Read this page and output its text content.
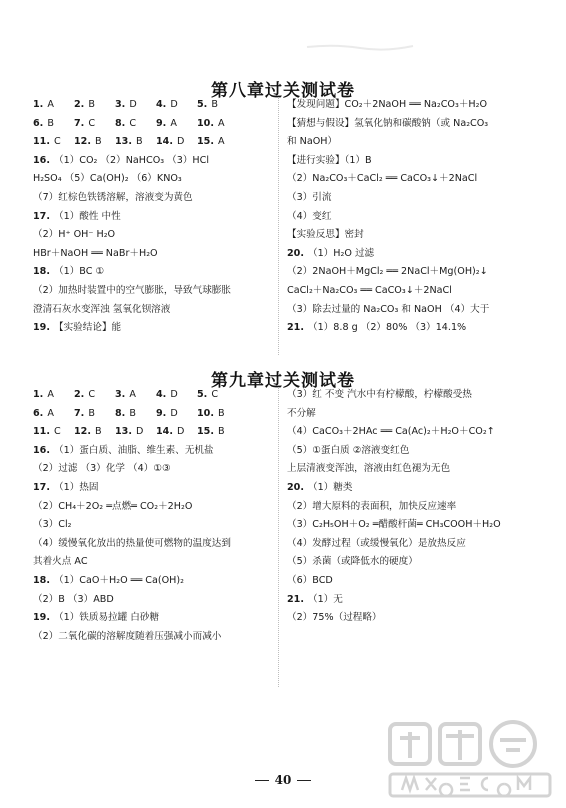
第八章过关测试卷
1. A 2. B 3. D 4. D 5. B
6. B 7. C 8. C 9. A 10. A
11. C 12. B 13. B 14. D 15. A
16. （1）CO₂ （2）NaHCO₃ （3）HCl
H₂SO₄ （5）Ca(OH)₂ （6）KNO₃
（7）红棕色铁锈溶解，溶液变为黄色
17. （1）酸性 中性
（2）H⁺ OH⁻ H₂O
HBr＋NaOH ══ NaBr＋H₂O
18. （1）BC ①
（2）加热时装置中的空气膨胀，导致气球膨胀
澄清石灰水变浑浊 氢氧化钡溶液
19. 【实验结论】能
【发现问题】CO₂＋2NaOH ══ Na₂CO₃＋H₂O
【猜想与假设】氢氧化钠和碳酸钠（或 Na₂CO₃
和 NaOH）
【进行实验】（1）B
（2）Na₂CO₃＋CaCl₂ ══ CaCO₃↓＋2NaCl
（3）引流
（4）变红
【实验反思】密封
20. （1）H₂O 过滤
（2）2NaOH＋MgCl₂ ══ 2NaCl＋Mg(OH)₂↓
CaCl₂＋Na₂CO₃ ══ CaCO₃↓＋2NaCl
（3）除去过量的 Na₂CO₃ 和 NaOH （4）大于
21. （1）8.8 g （2）80% （3）14.1%
第九章过关测试卷
1. A 2. C 3. A 4. D 5. C
6. A 7. B 8. B 9. D 10. B
11. C 12. B 13. D 14. D 15. B
16. （1）蛋白质、油脂、维生素、无机盐
（2）过滤 （3）化学 （4）①③
17. （1）热固
（2）CH₄＋2O₂ ═点燃═ CO₂＋2H₂O
（3）Cl₂
（4）缓慢氧化放出的热量使可燃物的温度达到
其着火点 AC
18. （1）CaO＋H₂O ══ Ca(OH)₂
（2）B （3）ABD
19. （1）铁质易拉罐 白砂糖
（2）二氧化碳的溶解度随着压强减小而减小
（3）红 不变 汽水中有柠檬酸，柠檬酸受热
不分解
（4）CaCO₃＋2HAc ══ Ca(Ac)₂＋H₂O＋CO₂↑
（5）①蛋白质 ②溶液变红色
上层清液变浑浊，溶液由红色褪为无色
20. （1）糖类
（2）增大原料的表面积，加快反应速率
（3）C₂H₅OH＋O₂ ═醋酸杆菌═ CH₃COOH＋H₂O
（4）发酵过程（或缓慢氧化）是放热反应
（5）杀菌（或降低水的硬度）
（6）BCD
21. （1）无
（2）75%（过程略）
40
